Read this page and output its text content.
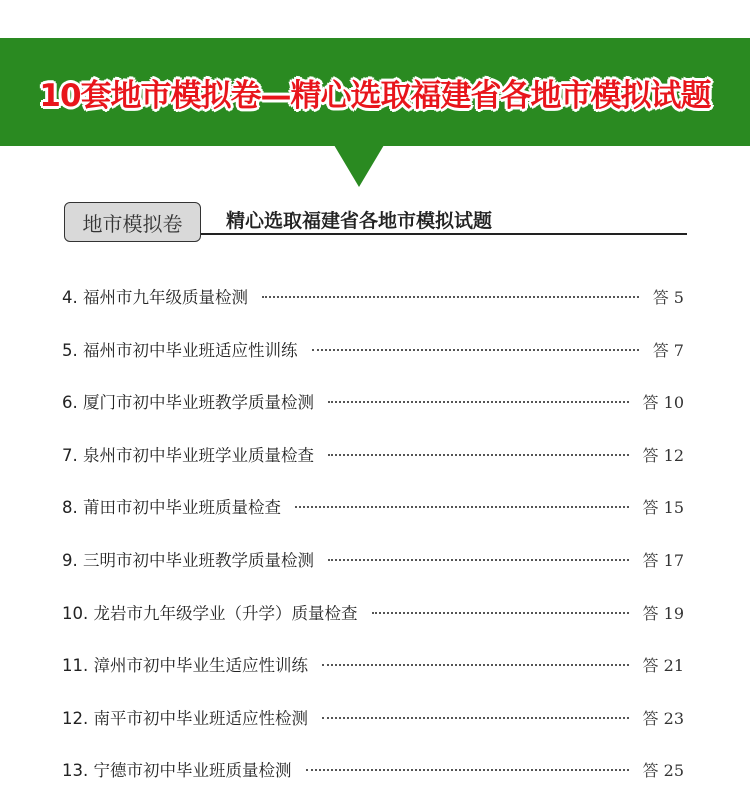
10套地市模拟卷—精心选取福建省各地市模拟试题
地市模拟卷	精心选取福建省各地市模拟试题
4. 福州市九年级质量检测	答 5
5. 福州市初中毕业班适应性训练	答 7
6. 厦门市初中毕业班教学质量检测	答 10
7. 泉州市初中毕业班学业质量检查	答 12
8. 莆田市初中毕业班质量检查	答 15
9. 三明市初中毕业班教学质量检测	答 17
10. 龙岩市九年级学业（升学）质量检查	答 19
11. 漳州市初中毕业生适应性训练	答 21
12. 南平市初中毕业班适应性检测	答 23
13. 宁德市初中毕业班质量检测	答 25
